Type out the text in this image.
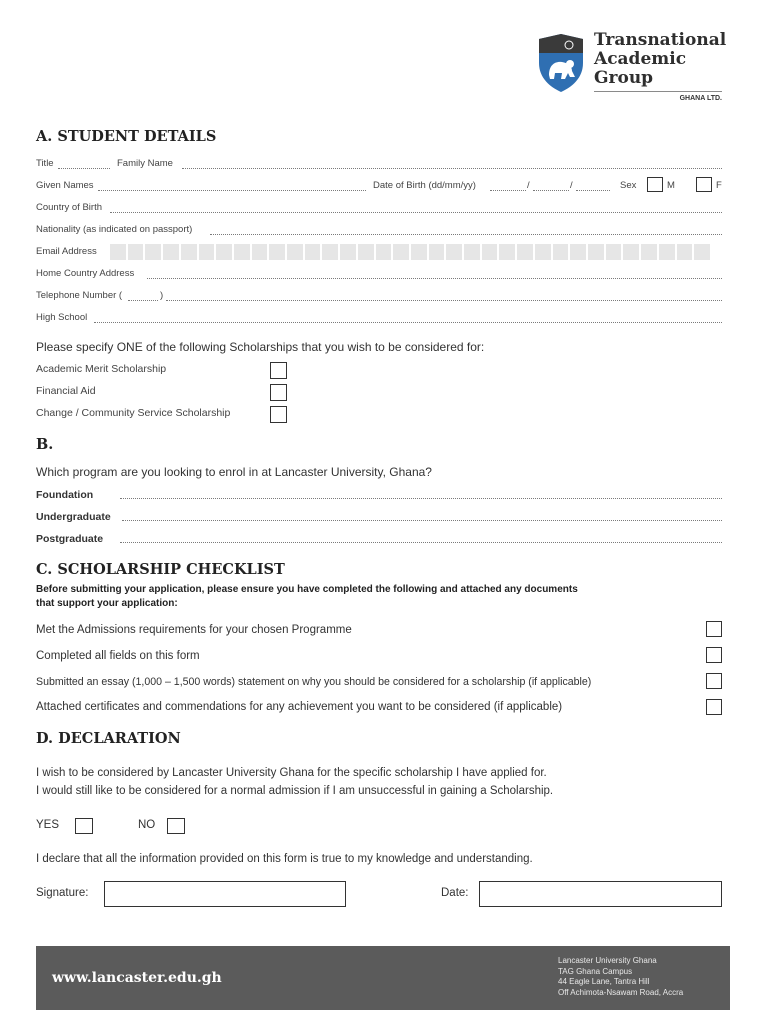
Transnational
Academic
Group
GHANA LTD.
A. STUDENT DETAILS
Title	Family Name
Given Names	Date of Birth (dd/mm/yy)	/	/	Sex	M	F
Country of Birth
Nationality (as indicated on passport)
Email Address
Home Country Address
Telephone Number (	)
High School
Please specify ONE of the following Scholarships that you wish to be considered for:
Academic Merit Scholarship
Financial Aid
Change / Community Service Scholarship
B.
Which program are you looking to enrol in at Lancaster University, Ghana?
Foundation
Undergraduate
Postgraduate
C. SCHOLARSHIP CHECKLIST
Before submitting your application, please ensure you have completed the following and attached any documents
that support your application:
Met the Admissions requirements for your chosen Programme
Completed all fields on this form
Submitted an essay (1,000 – 1,500 words) statement on why you should be considered for a scholarship (if applicable)
Attached certificates and commendations for any achievement you want to be considered (if applicable)
D. DECLARATION
I wish to be considered by Lancaster University Ghana for the specific scholarship I have applied for.
I would still like to be considered for a normal admission if I am unsuccessful in gaining a Scholarship.
YES	NO
I declare that all the information provided on this form is true to my knowledge and understanding.
Signature:	Date:
www.lancaster.edu.gh
Lancaster University Ghana
TAG Ghana Campus
44 Eagle Lane, Tantra Hill
Off Achimota-Nsawam Road, Accra
